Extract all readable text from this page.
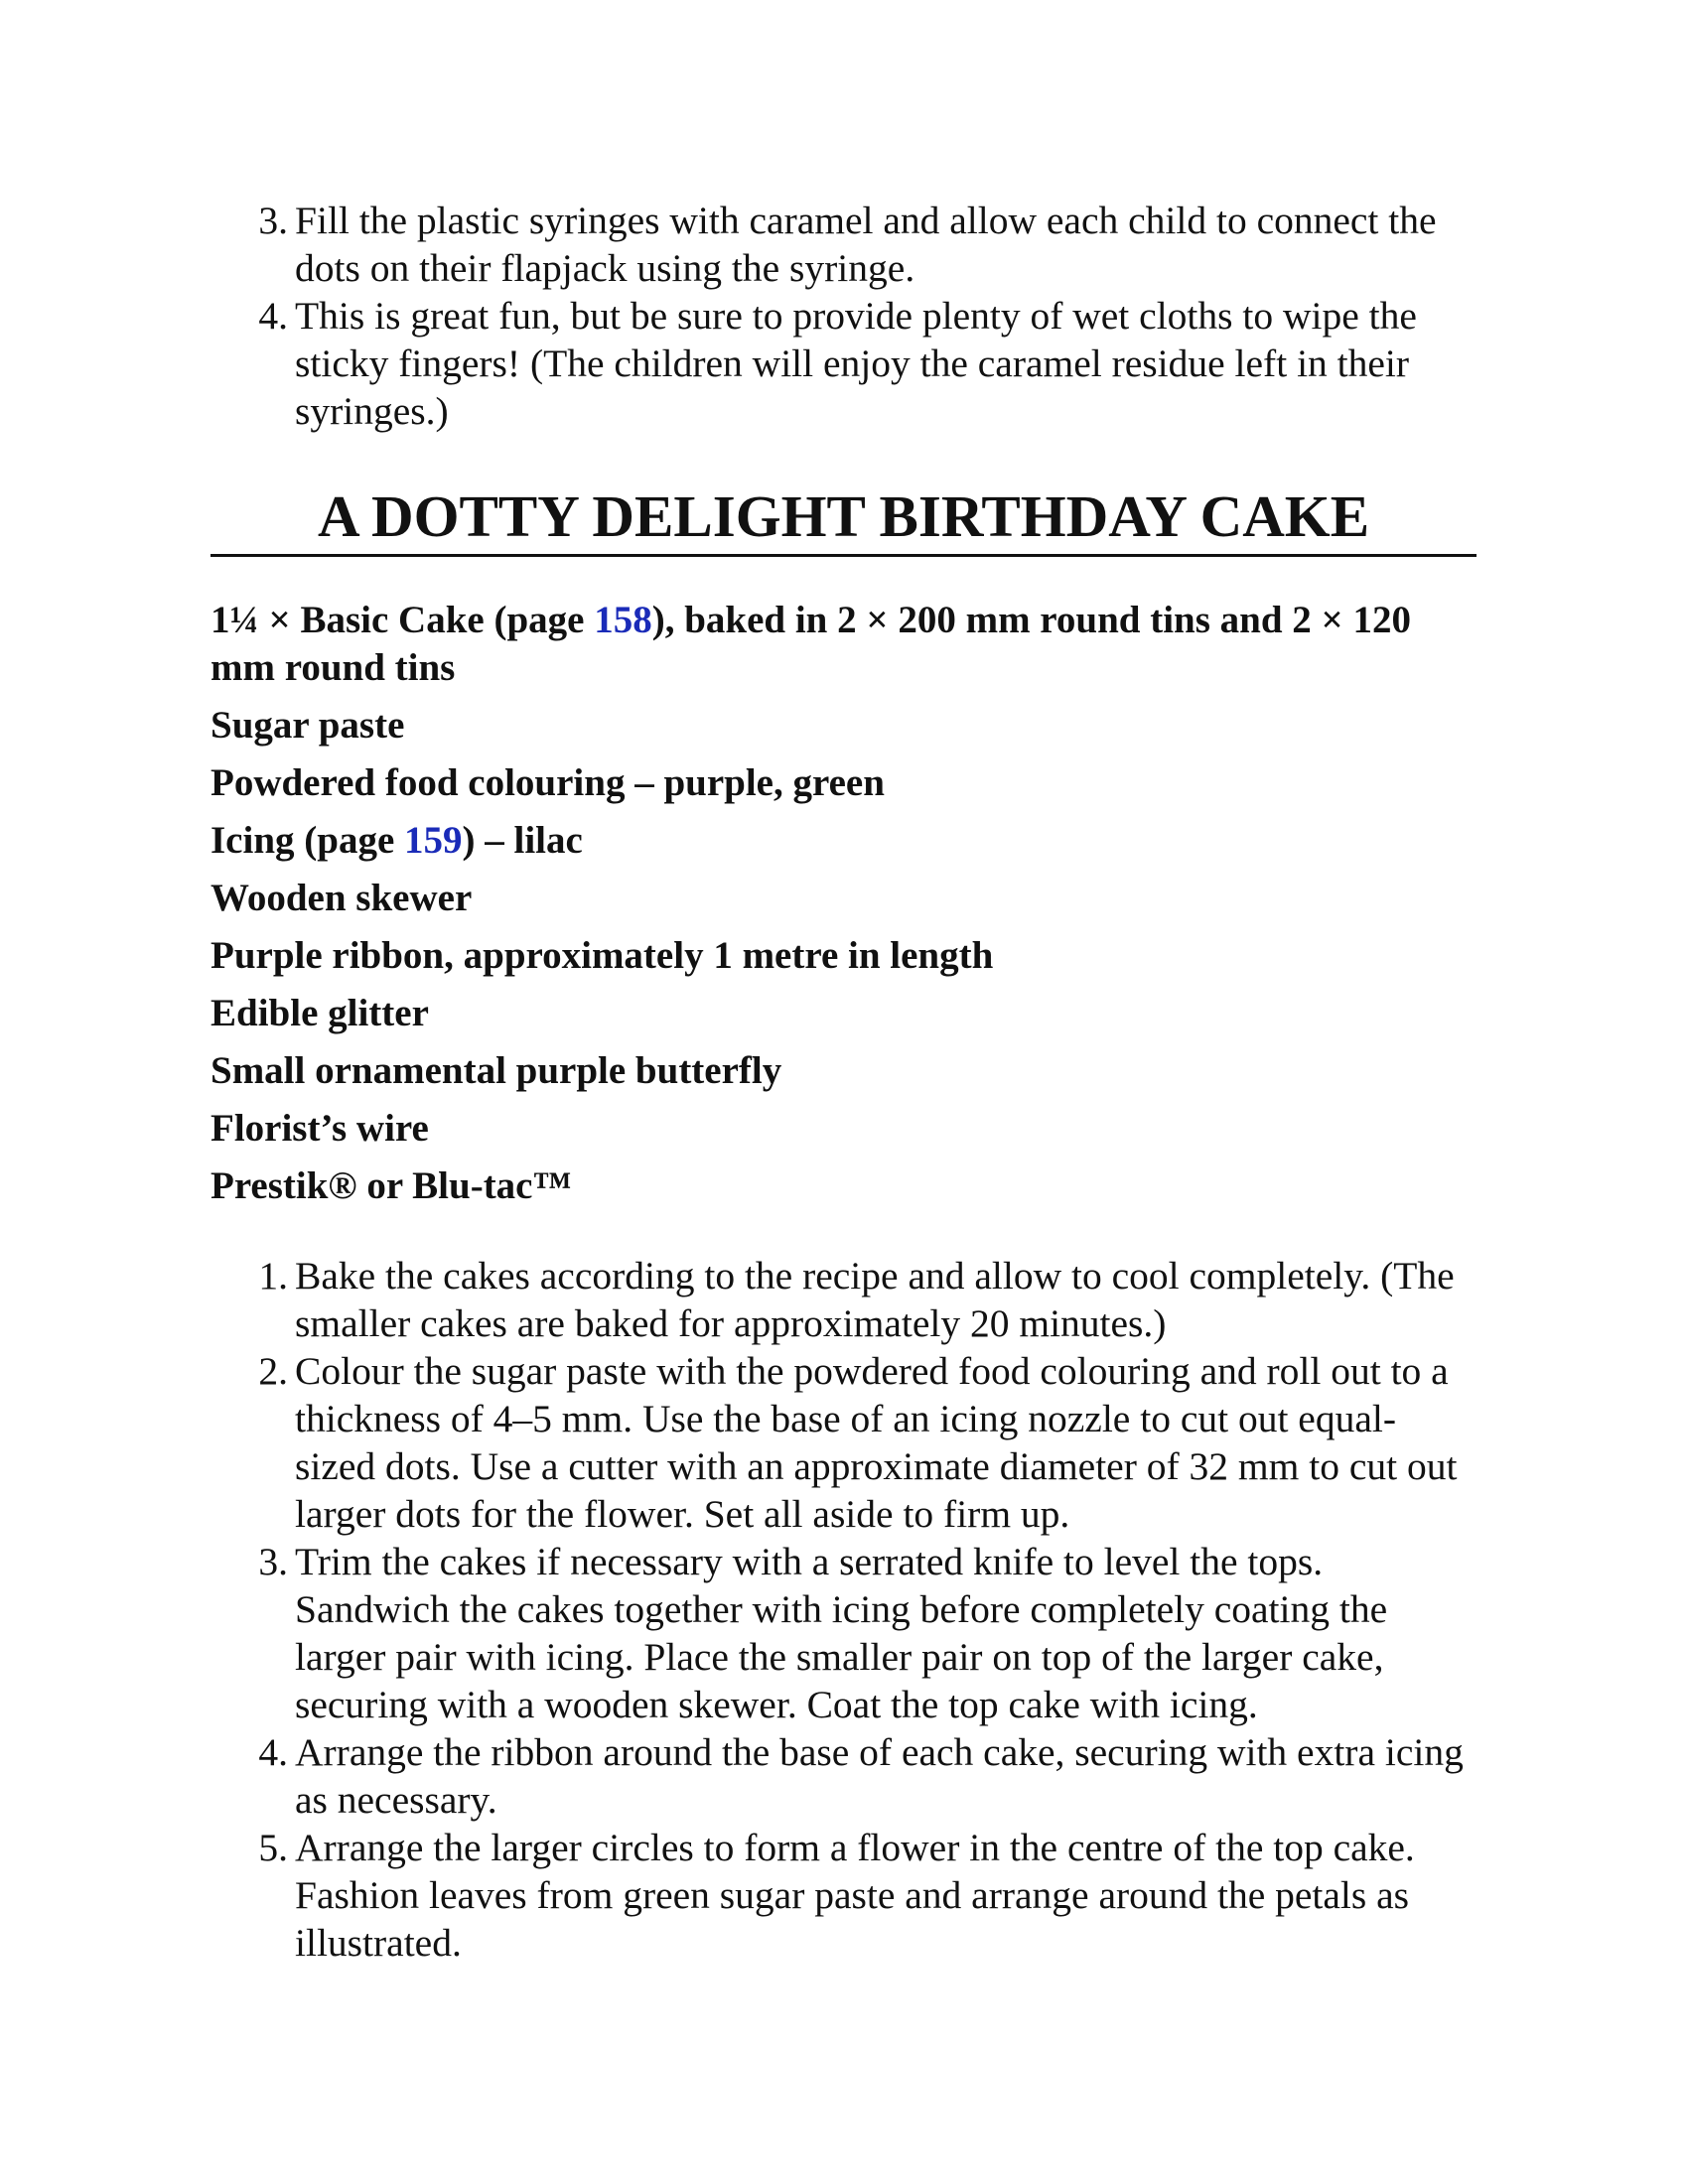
3. Fill the plastic syringes with caramel and allow each child to connect the dots on their flapjack using the syringe.
4. This is great fun, but be sure to provide plenty of wet cloths to wipe the sticky fingers! (The children will enjoy the caramel residue left in their syringes.)
A DOTTY DELIGHT BIRTHDAY CAKE

1¼ × Basic Cake (page 158), baked in 2 × 200 mm round tins and 2 × 120 mm round tins

Sugar paste

Powdered food colouring – purple, green

Icing (page 159) – lilac

Wooden skewer

Purple ribbon, approximately 1 metre in length

Edible glitter

Small ornamental purple butterfly

Florist’s wire

Prestik® or Blu-tac™

1. Bake the cakes according to the recipe and allow to cool completely. (The smaller cakes are baked for approximately 20 minutes.)
2. Colour the sugar paste with the powdered food colouring and roll out to a thickness of 4–5 mm. Use the base of an icing nozzle to cut out equal-sized dots. Use a cutter with an approximate diameter of 32 mm to cut out larger dots for the flower. Set all aside to firm up.
3. Trim the cakes if necessary with a serrated knife to level the tops. Sandwich the cakes together with icing before completely coating the larger pair with icing. Place the smaller pair on top of the larger cake, securing with a wooden skewer. Coat the top cake with icing.
4. Arrange the ribbon around the base of each cake, securing with extra icing as necessary.
5. Arrange the larger circles to form a flower in the centre of the top cake. Fashion leaves from green sugar paste and arrange around the petals as illustrated.
